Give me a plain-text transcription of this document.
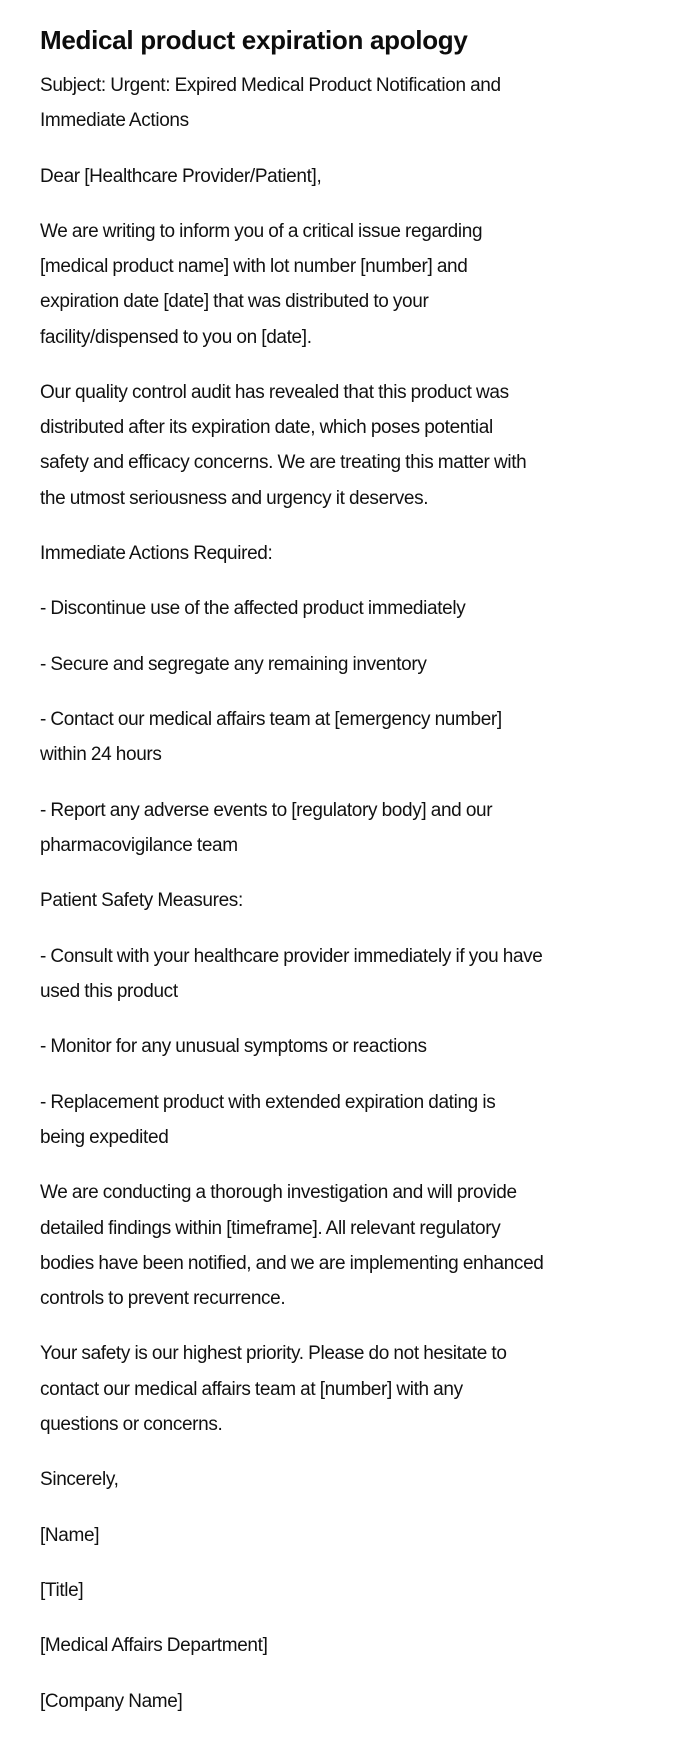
Medical product expiration apology

Subject: Urgent: Expired Medical Product Notification and
Immediate Actions

Dear [Healthcare Provider/Patient],

We are writing to inform you of a critical issue regarding
[medical product name] with lot number [number] and
expiration date [date] that was distributed to your
facility/dispensed to you on [date].

Our quality control audit has revealed that this product was
distributed after its expiration date, which poses potential
safety and efficacy concerns. We are treating this matter with
the utmost seriousness and urgency it deserves.

Immediate Actions Required:

- Discontinue use of the affected product immediately

- Secure and segregate any remaining inventory

- Contact our medical affairs team at [emergency number]
within 24 hours

- Report any adverse events to [regulatory body] and our
pharmacovigilance team

Patient Safety Measures:

- Consult with your healthcare provider immediately if you have
used this product

- Monitor for any unusual symptoms or reactions

- Replacement product with extended expiration dating is
being expedited

We are conducting a thorough investigation and will provide
detailed findings within [timeframe]. All relevant regulatory
bodies have been notified, and we are implementing enhanced
controls to prevent recurrence.

Your safety is our highest priority. Please do not hesitate to
contact our medical affairs team at [number] with any
questions or concerns.

Sincerely,

[Name]

[Title]

[Medical Affairs Department]

[Company Name]
